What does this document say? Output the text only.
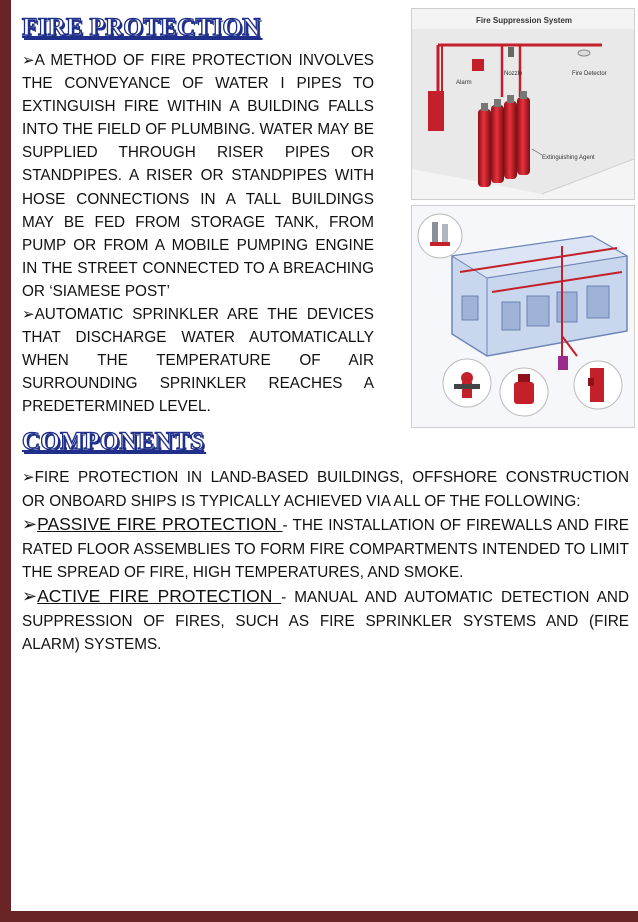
FIRE PROTECTION

➢A METHOD OF FIRE PROTECTION INVOLVES THE CONVEYANCE OF WATER I PIPES TO EXTINGUISH FIRE WITHIN A BUILDING FALLS INTO THE FIELD OF PLUMBING. WATER MAY BE SUPPLIED THROUGH RISER PIPES OR STANDPIPES. A RISER OR STANDPIPES WITH HOSE CONNECTIONS IN A TALL BUILDINGS MAY BE FED FROM STORAGE TANK, FROM PUMP OR FROM A MOBILE PUMPING ENGINE IN THE STREET CONNECTED TO A BREACHING OR ‘SIAMESE POST’

➢AUTOMATIC SPRINKLER ARE THE DEVICES THAT DISCHARGE WATER AUTOMATICALLY WHEN THE TEMPERATURE OF AIR SURROUNDING SPRINKLER REACHES A PREDETERMINED LEVEL.

Fire Suppression System
Alarm
Nozzle	Fire Detector
Extinguishing Agent
COMPONENTS

➢FIRE PROTECTION IN LAND-BASED BUILDINGS, OFFSHORE CONSTRUCTION OR ONBOARD SHIPS IS TYPICALLY ACHIEVED VIA ALL OF THE FOLLOWING:

➢PASSIVE FIRE PROTECTION - THE INSTALLATION OF FIREWALLS AND FIRE RATED FLOOR ASSEMBLIES TO FORM FIRE COMPARTMENTS INTENDED TO LIMIT THE SPREAD OF FIRE, HIGH TEMPERATURES, AND SMOKE.

➢ACTIVE FIRE PROTECTION - MANUAL AND AUTOMATIC DETECTION AND SUPPRESSION OF FIRES, SUCH AS FIRE SPRINKLER SYSTEMS AND (FIRE ALARM) SYSTEMS.
